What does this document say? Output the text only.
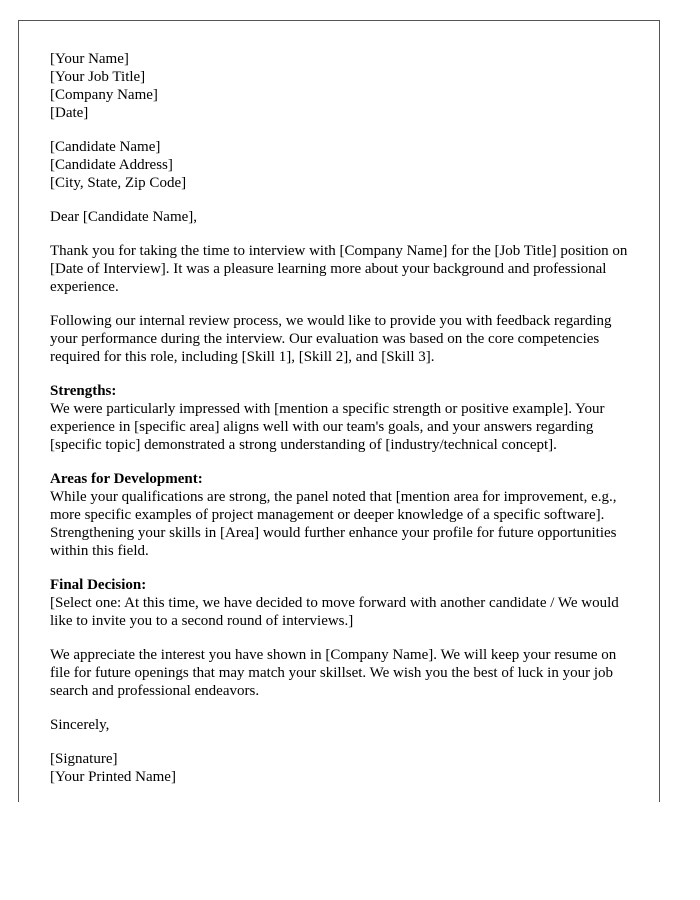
[Your Name]
[Your Job Title]
[Company Name]
[Date]
[Candidate Name]
[Candidate Address]
[City, State, Zip Code]

Dear [Candidate Name],

Thank you for taking the time to interview with [Company Name] for the [Job Title] position on [Date of Interview]. It was a pleasure learning more about your background and professional experience.

Following our internal review process, we would like to provide you with feedback regarding your performance during the interview. Our evaluation was based on the core competencies required for this role, including [Skill 1], [Skill 2], and [Skill 3].

Strengths:
We were particularly impressed with [mention a specific strength or positive example]. Your experience in [specific area] aligns well with our team's goals, and your answers regarding [specific topic] demonstrated a strong understanding of [industry/technical concept].
Areas for Development:
While your qualifications are strong, the panel noted that [mention area for improvement, e.g., more specific examples of project management or deeper knowledge of a specific software]. Strengthening your skills in [Area] would further enhance your profile for future opportunities within this field.
Final Decision:
[Select one: At this time, we have decided to move forward with another candidate / We would like to invite you to a second round of interviews.]

We appreciate the interest you have shown in [Company Name]. We will keep your resume on file for future openings that may match your skillset. We wish you the best of luck in your job search and professional endeavors.

Sincerely,

[Signature]
[Your Printed Name]
